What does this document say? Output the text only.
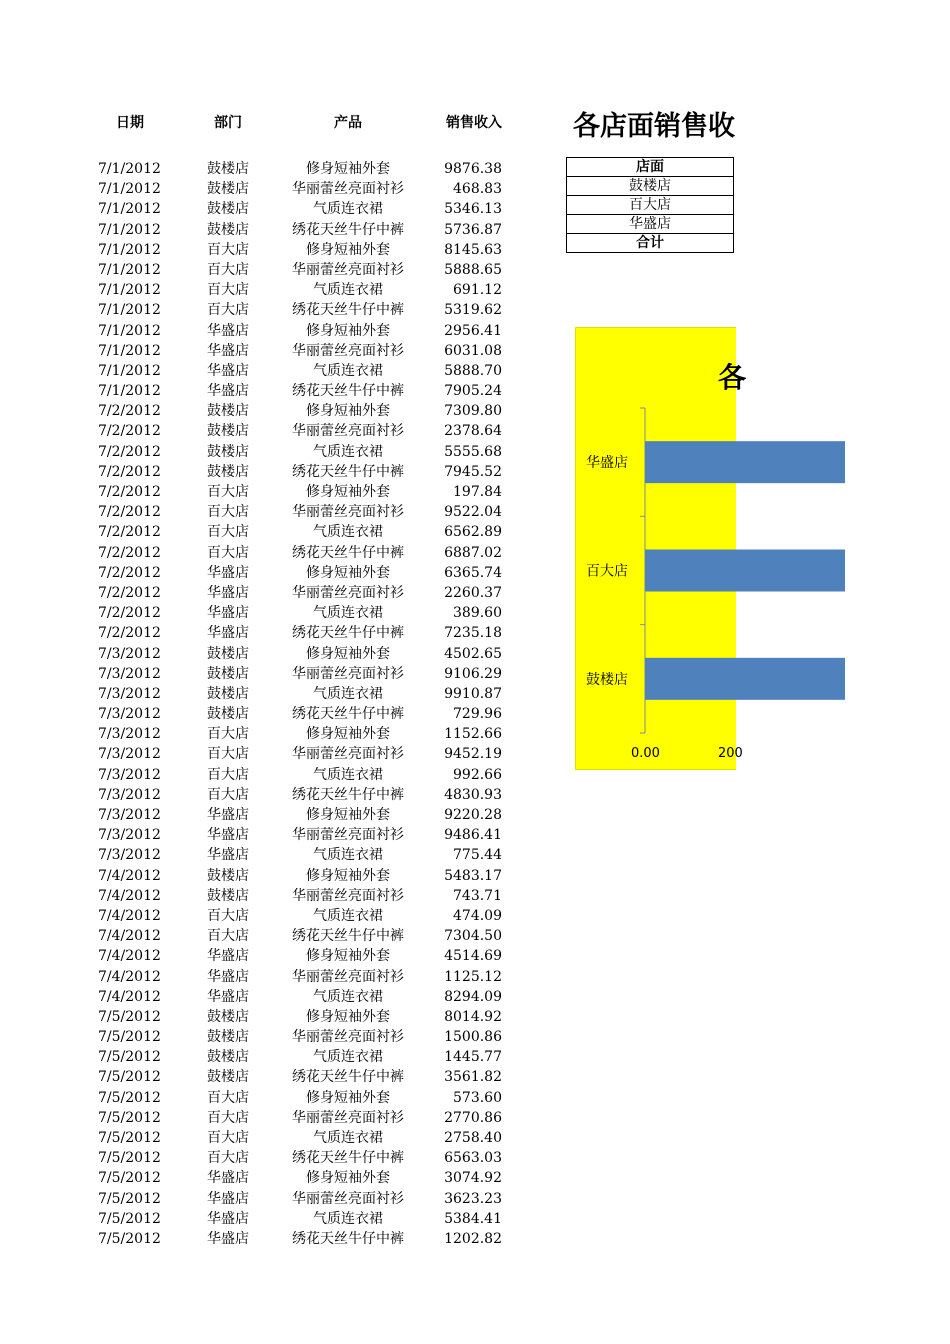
日期	部门	产品	销售收入
7/1/2012	鼓楼店	修身短袖外套	9876.38
7/1/2012	鼓楼店	华丽蕾丝亮面衬衫	468.83
7/1/2012	鼓楼店	气质连衣裙	5346.13
7/1/2012	鼓楼店	绣花天丝牛仔中裤	5736.87
7/1/2012	百大店	修身短袖外套	8145.63
7/1/2012	百大店	华丽蕾丝亮面衬衫	5888.65
7/1/2012	百大店	气质连衣裙	691.12
7/1/2012	百大店	绣花天丝牛仔中裤	5319.62
7/1/2012	华盛店	修身短袖外套	2956.41
7/1/2012	华盛店	华丽蕾丝亮面衬衫	6031.08
7/1/2012	华盛店	气质连衣裙	5888.70
7/1/2012	华盛店	绣花天丝牛仔中裤	7905.24
7/2/2012	鼓楼店	修身短袖外套	7309.80
7/2/2012	鼓楼店	华丽蕾丝亮面衬衫	2378.64
7/2/2012	鼓楼店	气质连衣裙	5555.68
7/2/2012	鼓楼店	绣花天丝牛仔中裤	7945.52
7/2/2012	百大店	修身短袖外套	197.84
7/2/2012	百大店	华丽蕾丝亮面衬衫	9522.04
7/2/2012	百大店	气质连衣裙	6562.89
7/2/2012	百大店	绣花天丝牛仔中裤	6887.02
7/2/2012	华盛店	修身短袖外套	6365.74
7/2/2012	华盛店	华丽蕾丝亮面衬衫	2260.37
7/2/2012	华盛店	气质连衣裙	389.60
7/2/2012	华盛店	绣花天丝牛仔中裤	7235.18
7/3/2012	鼓楼店	修身短袖外套	4502.65
7/3/2012	鼓楼店	华丽蕾丝亮面衬衫	9106.29
7/3/2012	鼓楼店	气质连衣裙	9910.87
7/3/2012	鼓楼店	绣花天丝牛仔中裤	729.96
7/3/2012	百大店	修身短袖外套	1152.66
7/3/2012	百大店	华丽蕾丝亮面衬衫	9452.19
7/3/2012	百大店	气质连衣裙	992.66
7/3/2012	百大店	绣花天丝牛仔中裤	4830.93
7/3/2012	华盛店	修身短袖外套	9220.28
7/3/2012	华盛店	华丽蕾丝亮面衬衫	9486.41
7/3/2012	华盛店	气质连衣裙	775.44
7/4/2012	鼓楼店	修身短袖外套	5483.17
7/4/2012	鼓楼店	华丽蕾丝亮面衬衫	743.71
7/4/2012	百大店	气质连衣裙	474.09
7/4/2012	百大店	绣花天丝牛仔中裤	7304.50
7/4/2012	华盛店	修身短袖外套	4514.69
7/4/2012	华盛店	华丽蕾丝亮面衬衫	1125.12
7/4/2012	华盛店	气质连衣裙	8294.09
7/5/2012	鼓楼店	修身短袖外套	8014.92
7/5/2012	鼓楼店	华丽蕾丝亮面衬衫	1500.86
7/5/2012	鼓楼店	气质连衣裙	1445.77
7/5/2012	鼓楼店	绣花天丝牛仔中裤	3561.82
7/5/2012	百大店	修身短袖外套	573.60
7/5/2012	百大店	华丽蕾丝亮面衬衫	2770.86
7/5/2012	百大店	气质连衣裙	2758.40
7/5/2012	百大店	绣花天丝牛仔中裤	6563.03
7/5/2012	华盛店	修身短袖外套	3074.92
7/5/2012	华盛店	华丽蕾丝亮面衬衫	3623.23
7/5/2012	华盛店	气质连衣裙	5384.41
7/5/2012	华盛店	绣花天丝牛仔中裤	1202.82
各店面销售收
店面
鼓楼店
百大店
华盛店
合计
各
华盛店
百大店
鼓楼店
0.00	200
